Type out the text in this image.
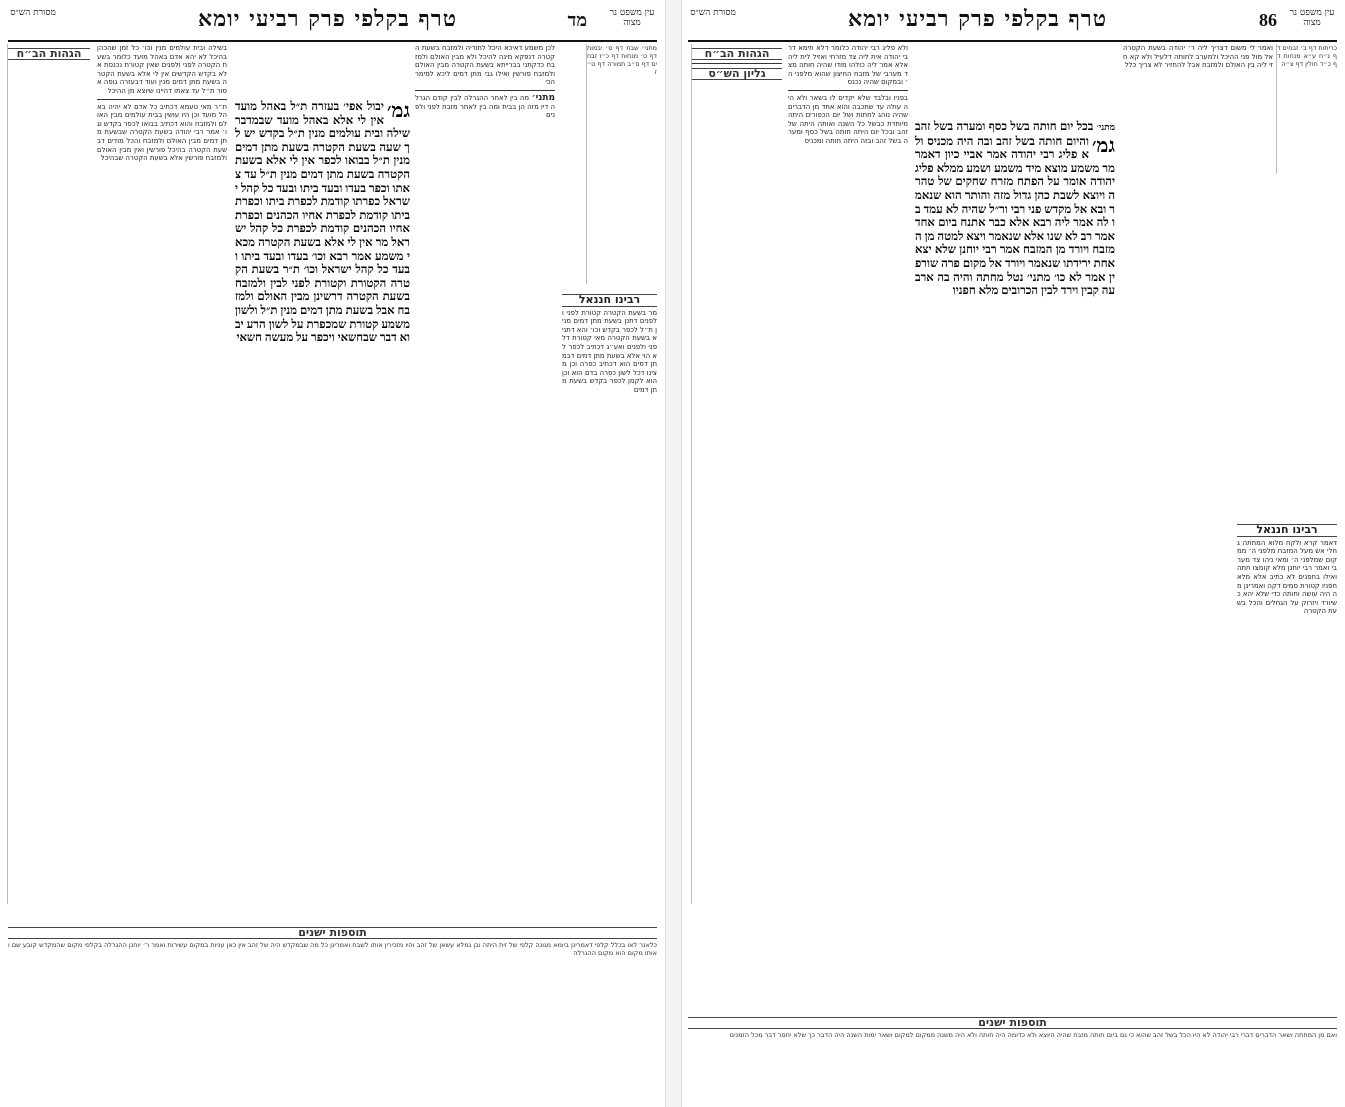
עין משפט נר מצוה
מד
טרף בקלפי פרק רביעי יומא
מסורת הש״ס
מתני׳ שבת דף ס׳ יבמות דף ט׳ מנחות דף כ״ז זבחים דף ס״ב תמורה דף ט״ז
רבינו חננאל
מר בשעת הקטרה קטורת לפני ולפנים דתנן בשעת מתן דמים מנין ת״ל לכפר בקדש וכו׳ והא דתניא בשעת הקטרה מאי קטורת דלפני ולפנים ואע״ג דכתיב לכפר לא הוי אלא בשעת מתן דמים דבמתן דמים הוא דכתיב כפרה וכן מצינו דכל לשון כפרה בדם הוא וכן הוא לקמן לכפר בקדש בשעת מתן דמים
לכן משמע דאיכא היכל לחודיה ולמזבח בשעת הקטרה דנפקא מינה להיכל ולא מבין האולם ולמזבח כדקתני בברייתא בשעת הקטרה מבין האולם ולמזבח פורשין ואילו גבי מתן דמים ליכא למימר הכי
מתני׳ מה בין לאחר ההגרלה לבין קודם הגרלה דיו מזה הן בבית ומה בין לאחר מזבח לפני ולפנים
גמ׳
יבול אפי׳ בעזרה ת״ל באהל מועד אין לי אלא באהל מועד שבמדבר שילה ובית עולמים מנין ת״ל בקדש יש לך שעה בשעת הקטרה בשעת מתן דמים מנין ת״ל בבואו לכפר אין לי אלא בשעת הקטרה בשעת מתן דמים מנין ת״ל עד צאתו וכפר בעדו ובעד ביתו ובעד כל קהל ישראל כפרתו קודמת לכפרת ביתו וכפרת ביתו קודמת לכפרת אחיו הכהנים וכפרת אחיו הכהנים קודמת לכפרת כל קהל ישראל מר אין לי אלא בשעת הקטרה מכאי משמע אמר רבא וכו׳ בעדו ובעד ביתו ובעד כל קהל ישראל וכו׳ ת״ר בשעת הקטרה הקטורת וקטורת לפני לבין ולמזבח בשעת הקטרה דרשינן מבין האולם ולמזבח אבל בשעת מתן דמים מנין ת״ל ולשון משמע קטורת שמכפרת על לשון הרע יבוא דבר שבחשאי ויכפר על מעשה חשאי
בשילה ובית עולמים מנין וכו׳ כל זמן שהכהן בהיכל לא יהא אדם באהל מועד כלומר בשעת הקטרה לפני ולפנים שאין קטורת נכנסת אלא בקדש הקדשים אין לי אלא בשעת הקטרה בשעת מתן דמים מנין ועוד דבעזרה גופה אסור ת״ל עד צאתו דהיינו שיוצא מן ההיכל
ת״ר מאי טעמא דכתיב כל אדם לא יהיה באהל מועד וכן היו עושין בבית עולמים מבין האולם ולמזבח והוא דכתיב בבואו לכפר בקדש וגו׳ אמר רבי יהודה בשעת הקטרה שבשעת מתן דמים מבין האולם ולמזבח והכל מודים דבשעת הקטרה בהיכל פורשין ואין מבין האולם ולמזבח פורשין אלא בשעת הקטרה שבהיכל
הגהות הב״ח
תוספות ישנים
כלאנר לאו בכלל קלפי דאמרינן ביומא מגונה קלפי של זית היתה ובן גמלא עשאן של זהב והיו מזכירין אותו לשבח ואמרינן כל מה שבמקדש היה של זהב אין כאן עניות במקום עשירות ואמר ר׳ יוחנן ההגרלה בקלפי מקום שהמקדש קובע שם ואותו מקום הוא מקום ההגרלה
עין משפט נר מצוה
86
טרף בקלפי פרק רביעי יומא
מסורת הש״ס
כריתות דף ב׳ זבחים דף נ״ח ע״א מנחות דף כ״ד חולין דף צ״ה
רבינו חננאל
דאמר קרא ולקח מלוא המחתה גחלי אש מעל המזבח מלפני ה׳ ממקום שמלפני ה׳ ומאי ניהו צד מערבי ואמר רבי יוחנן מלא קומצו חתה ואילו בחפנים לא כתיב אלא מלא חפניו קטורת סמים דקה ואמרינן מה היה עושה וחותה כדי שלא יהא כשיורד ויזרוק על הגחלים והכל בשעת הקטרה
ואמר לי משום דצריך ליה ר׳ יהודה בשעת הקטרה אל מול פני ההיכל ולמערב לחותה דלעיל ולא קא חזי ליה בין האולם ולמזבח אבל להחזיר לא צריך כלל
מתני׳ בכל יום חותה בשל כסף ומערה בשל זהב והיום חותה בשל זהב ובה היה מכניס גמ׳
ולא פליג רבי יהודה אמר אביי כיון דאמר מר משמע מוצא מיד משמע ושמע ממלא פליג יהודה אומר על הפתח מזרח שחקים של טהרה ויוצא לשבת כהן גדול מזה והותר הוא שנאמר ובא אל מקדש פני רבי ור״ל שהיה לא עמד בו לה אמר ליה רבא אלא כבר אתנח ביום אחד אמר רב לא שנו אלא שנאמר ויצא למטה מן המזבח ויורד מן המזבח אמר רבי יוחנן שלא יצא אחת ירידתו שנאמר ויורד אל מקום פרה שורפין אמר לא כו׳ מתני׳ נטל מחתה והיה בה ארבעה קבין וירד לבין הכרובים מלא חפניו
ולא פליג רבי יהודה כלומר דלא תימא דרבי יהודה אית ליה צד מזרחי ואזיל לית ליה אלא אמר ליה כולהו מודו שהיה חותה מצד מערבי של מזבח החיצון שהוא מלפני ה׳ ובמקום שהיה נכנס
בפניו ובלבד שלא יקדים לו בשאר ולא היה עולה עד שתכבה והוא אחד מן הדברים שהיה נוהג לחתות ושל יום הכפורים היתה מיוחדת כבשל כל השנה ואותה היתה של זהב ובכל יום היתה חותה בשל כסף ומערה בשל זהב ובזה היתה חותה ומכניס
הגהות הב״ח
גליון הש״ס
תוספות ישנים
ואם מן המחתה ושאר הדברים דברי רבי יהודה לא היו הכל בשל זהב שהוא כי גם ביום חותה מזבח שהיה היוצא ולא כדומה היה חותה ולא היה משנה ממקום למקום ושאר ימות השנה היה הדבר כך שלא יחסר דבר מכל הזמנים
